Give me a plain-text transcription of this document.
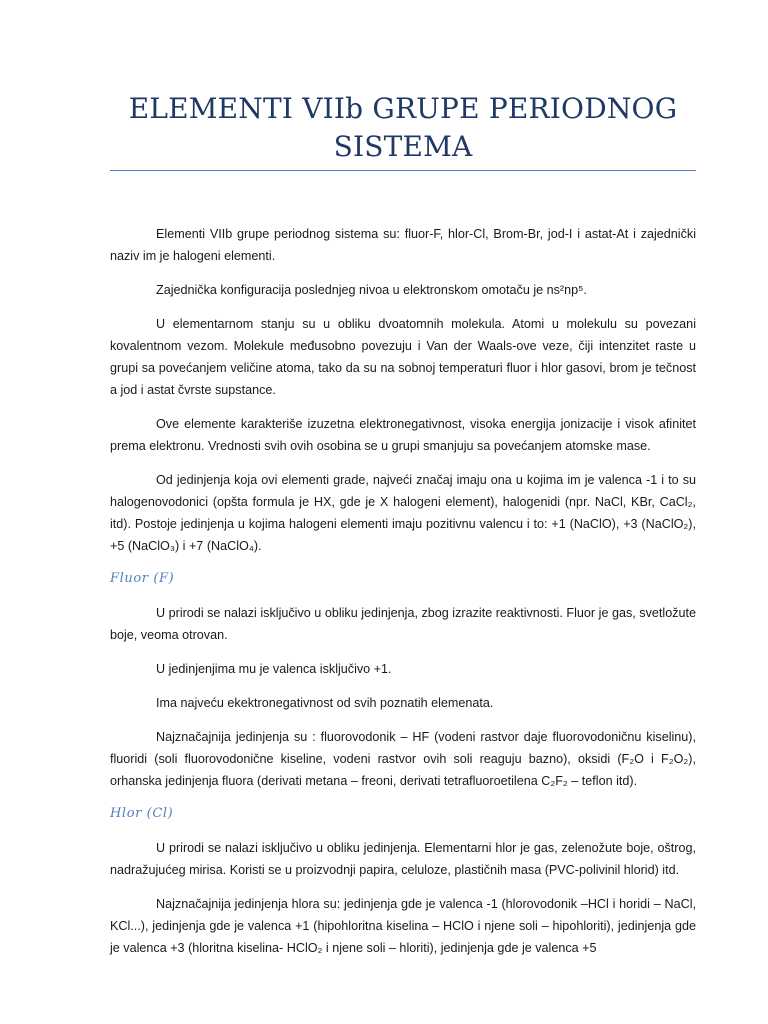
ELEMENTI VIIb GRUPE PERIODNOG SISTEMA

Elementi VIIb grupe periodnog sistema su: fluor-F, hlor-Cl, Brom-Br, jod-I i astat-At i zajednički naziv im je halogeni elementi.

Zajednička konfiguracija poslednjeg nivoa u elektronskom omotaču je ns²np⁵.

U elementarnom stanju su u obliku dvoatomnih molekula. Atomi u molekulu su povezani kovalentnom vezom. Molekule međusobno povezuju i Van der Waals-ove veze, čiji intenzitet raste u grupi sa povećanjem veličine atoma, tako da su na sobnoj temperaturi fluor i hlor gasovi, brom je tečnost a jod i astat čvrste supstance.

Ove elemente karakteriše izuzetna elektronegativnost, visoka energija jonizacije i visok afinitet prema elektronu. Vrednosti svih ovih osobina se u grupi smanjuju sa povećanjem atomske mase.

Od jedinjenja koja ovi elementi grade, najveći značaj imaju ona u kojima im je valenca -1 i to su halogenovodonici (opšta formula je HX, gde je X halogeni element), halogenidi (npr. NaCl, KBr, CaCl₂, itd). Postoje jedinjenja u kojima halogeni elementi imaju pozitivnu valencu i to: +1 (NaClO), +3 (NaClO₂), +5 (NaClO₃) i +7 (NaClO₄).

Fluor (F)

U prirodi se nalazi isključivo u obliku jedinjenja, zbog izrazite reaktivnosti. Fluor je gas, svetložute boje, veoma otrovan.

U jedinjenjima mu je valenca isključivo +1.

Ima najveću ekektronegativnost od svih poznatih elemenata.

Najznačajnija jedinjenja su : fluorovodonik – HF (vodeni rastvor daje fluorovodoničnu kiselinu), fluoridi (soli fluorovodonične kiseline, vodeni rastvor ovih soli reaguju bazno), oksidi (F₂O i F₂O₂), orhanska jedinjenja fluora (derivati metana – freoni, derivati tetrafluoroetilena C₂F₂ – teflon itd).

Hlor (Cl)

U prirodi se nalazi isključivo u obliku jedinjenja. Elementarni hlor je gas, zelenožute boje, oštrog, nadražujućeg mirisa. Koristi se u proizvodnji papira, celuloze, plastičnih masa (PVC-polivinil hlorid) itd.

Najznačajnija jedinjenja hlora su: jedinjenja gde je valenca -1 (hlorovodonik –HCl i horidi – NaCl, KCl...), jedinjenja gde je valenca +1 (hipohloritna kiselina – HClO i njene soli – hipohloriti), jedinjenja gde je valenca +3 (hloritna kiselina- HClO₂ i njene soli – hloriti), jedinjenja gde je valenca +5
